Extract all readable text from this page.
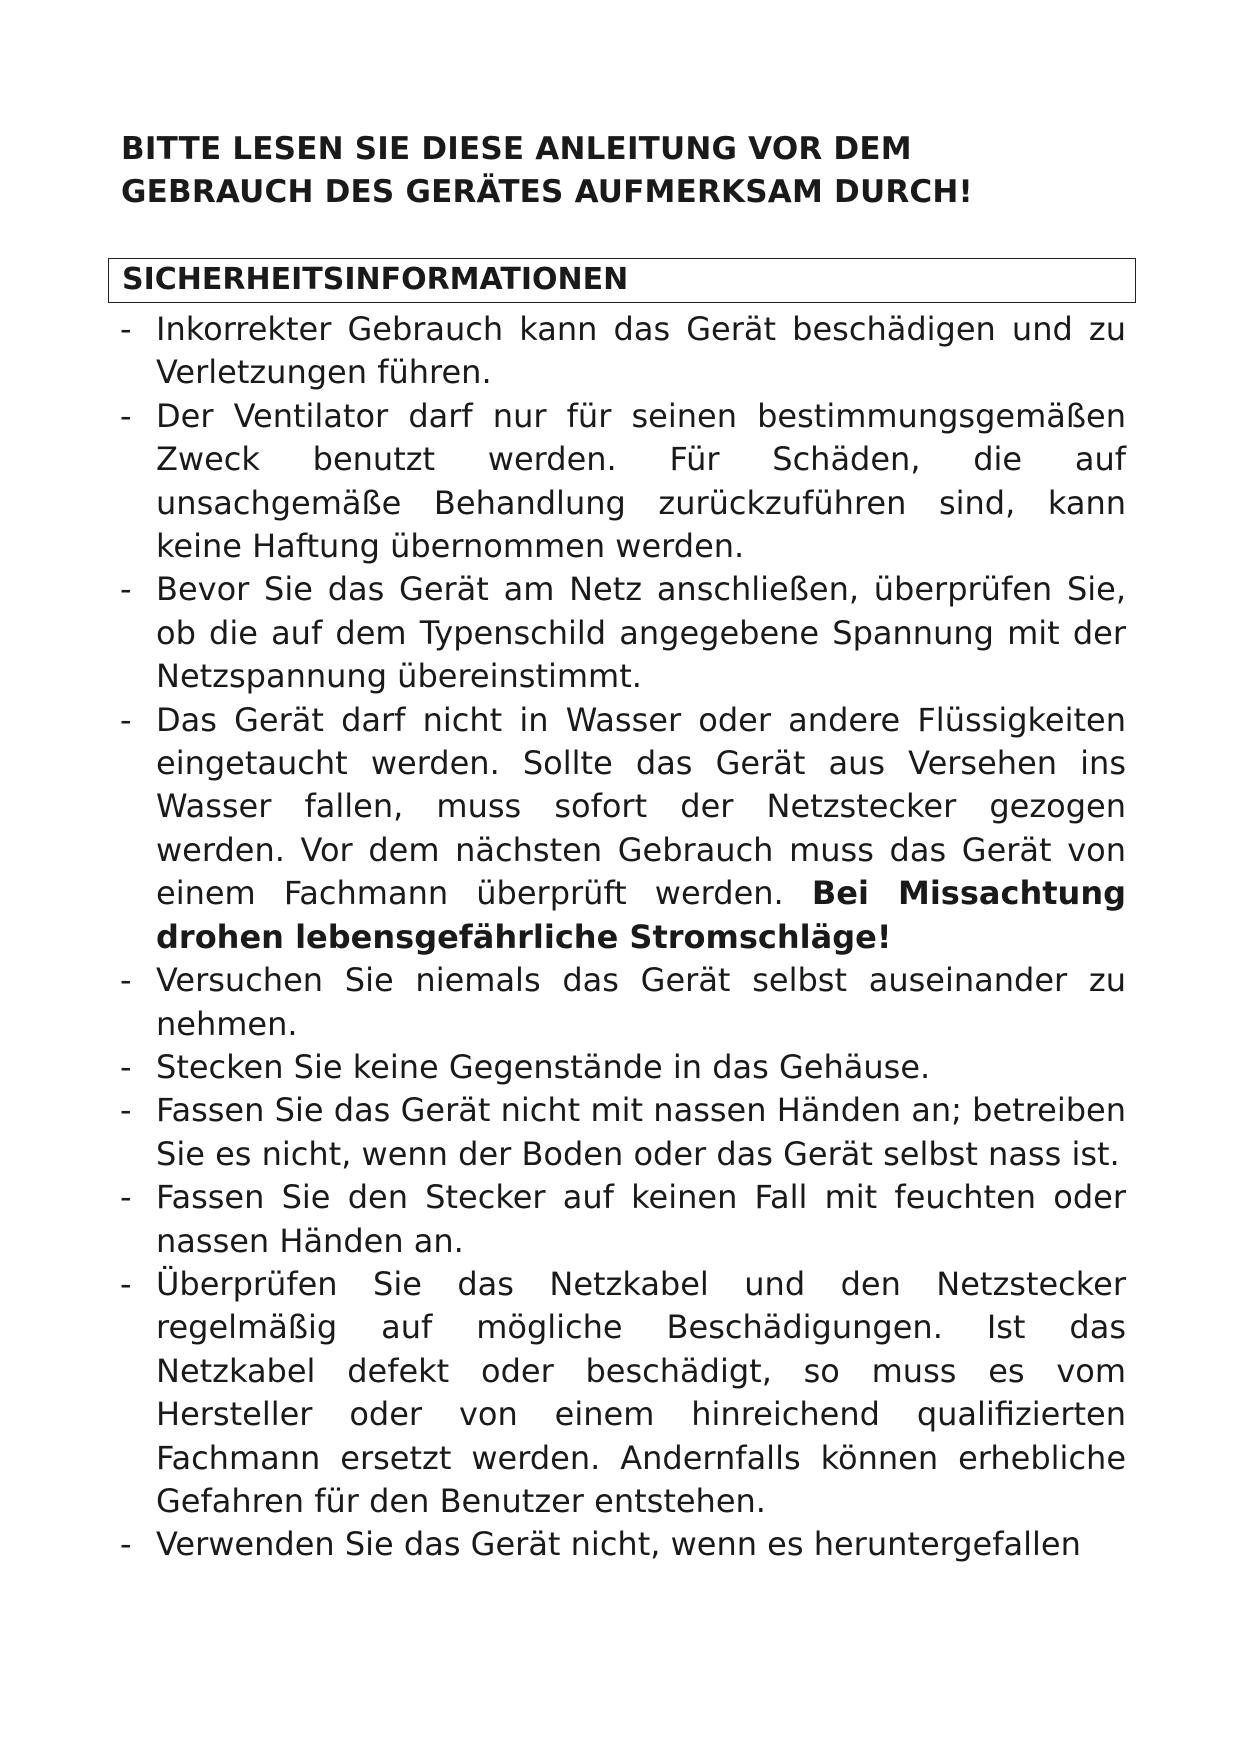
BITTE LESEN SIE DIESE ANLEITUNG VOR DEM
GEBRAUCH DES GERÄTES AUFMERKSAM DURCH!
SICHERHEITSINFORMATIONEN
- Inkorrekter Gebrauch kann das Gerät beschädigen und zu Verletzungen führen.
- Der Ventilator darf nur für seinen bestimmungsgemäßen Zweck benutzt werden. Für Schäden, die auf unsachgemäße Behandlung zurückzuführen sind, kann keine Haftung übernommen werden.
- Bevor Sie das Gerät am Netz anschließen, überprüfen Sie, ob die auf dem Typenschild angegebene Spannung mit der Netzspannung übereinstimmt.
- Das Gerät darf nicht in Wasser oder andere Flüssigkeiten eingetaucht werden. Sollte das Gerät aus Versehen ins Wasser fallen, muss sofort der Netzstecker gezogen werden. Vor dem nächsten Gebrauch muss das Gerät von einem Fachmann überprüft werden. Bei Missachtung drohen lebensgefährliche Stromschläge!
- Versuchen Sie niemals das Gerät selbst auseinander zu nehmen.
- Stecken Sie keine Gegenstände in das Gehäuse.
- Fassen Sie das Gerät nicht mit nassen Händen an; betreiben Sie es nicht, wenn der Boden oder das Gerät selbst nass ist.
- Fassen Sie den Stecker auf keinen Fall mit feuchten oder nassen Händen an.
- Überprüfen Sie das Netzkabel und den Netzstecker regelmäßig auf mögliche Beschädigungen. Ist das Netzkabel defekt oder beschädigt, so muss es vom Hersteller oder von einem hinreichend qualifizierten Fachmann ersetzt werden. Andernfalls können erhebliche Gefahren für den Benutzer entstehen.
- Verwenden Sie das Gerät nicht, wenn es heruntergefallen
